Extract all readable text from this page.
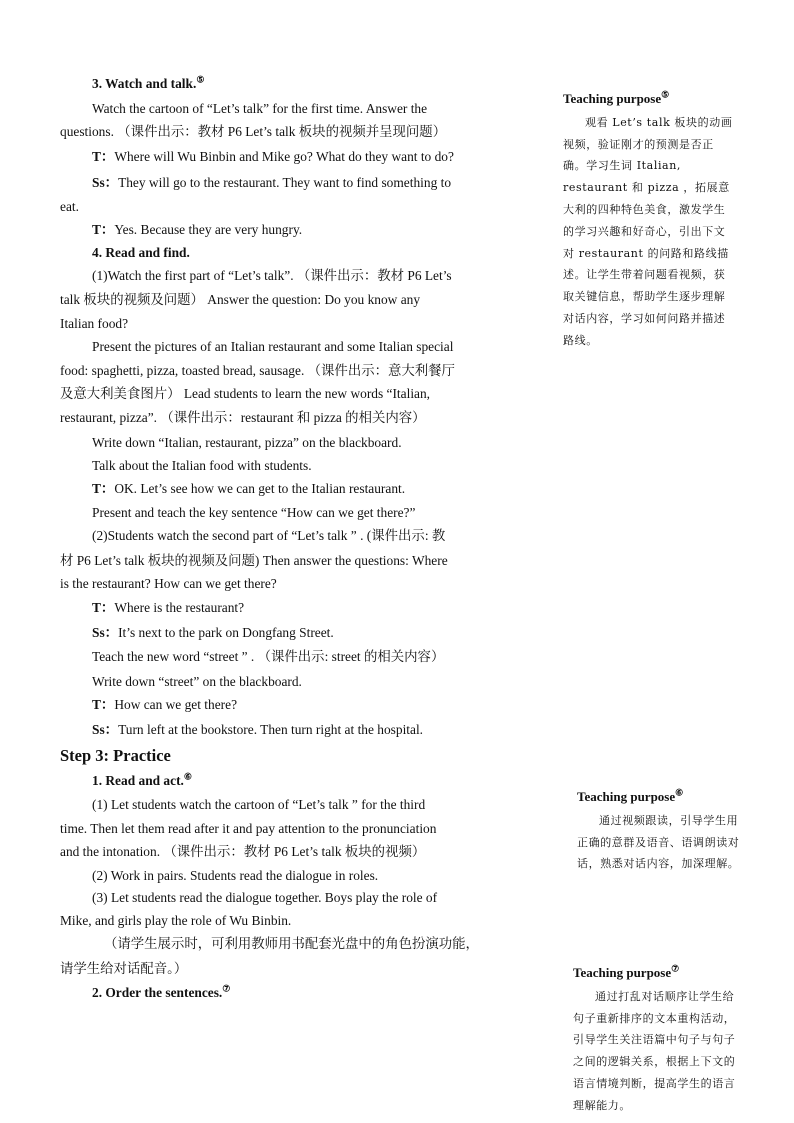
3. Watch and talk.⑤
Watch the cartoon of “Let’s talk” for the first time. Answer the
questions. （课件出示：教材 P6 Let’s talk 板块的视频并呈现问题）
T：Where will Wu Binbin and Mike go? What do they want to do?
Ss：They will go to the restaurant. They want to find something to
eat.
T：Yes. Because they are very hungry.
4. Read and find.
(1)Watch the first part of “Let’s talk”. （课件出示：教材 P6 Let’s
talk 板块的视频及问题） Answer the question: Do you know any
Italian food?
Present the pictures of an Italian restaurant and some Italian special
food: spaghetti, pizza, toasted bread, sausage. （课件出示：意大利餐厅
及意大利美食图片） Lead students to learn the new words “Italian,
restaurant, pizza”. （课件出示：restaurant 和 pizza 的相关内容）
Write down “Italian, restaurant, pizza” on the blackboard.
Talk about the Italian food with students.
T：OK. Let’s see how we can get to the Italian restaurant.
Present and teach the key sentence “How can we get there?”
(2)Students watch the second part of “Let’s talk ” . (课件出示: 教
材 P6 Let’s talk 板块的视频及问题) Then answer the questions: Where
is the restaurant? How can we get there?
T：Where is the restaurant?
Ss：It’s next to the park on Dongfang Street.
Teach the new word “street ” . （课件出示: street 的相关内容）
Write down “street” on the blackboard.
T：How can we get there?
Ss：Turn left at the bookstore. Then turn right at the hospital.
Step 3: Practice
1. Read and act.⑥
(1) Let students watch the cartoon of “Let’s talk ” for the third
time. Then let them read after it and pay attention to the pronunciation
and the intonation. （课件出示：教材 P6 Let’s talk 板块的视频）
(2) Work in pairs. Students read the dialogue in roles.
(3) Let students read the dialogue together. Boys play the role of
Mike, and girls play the role of Wu Binbin.
（请学生展示时，可利用教师用书配套光盘中的角色扮演功能，
请学生给对话配音。）
2. Order the sentences.⑦
Teaching purpose⑤
观看 Let’s talk 板块的动画视频，验证刚才的预测是否正确。学习生词 Italian, restaurant 和 pizza ，拓展意大利的四种特色美食，激发学生的学习兴趣和好奇心，引出下文对 restaurant 的问路和路线描述。让学生带着问题看视频，获取关键信息，帮助学生逐步理解对话内容，学习如何问路并描述路线。
Teaching purpose⑥
通过视频跟读，引导学生用正确的意群及语音、语调朗读对话，熟悉对话内容，加深理解。
Teaching purpose⑦
通过打乱对话顺序让学生给句子重新排序的文本重构活动，引导学生关注语篇中句子与句子之间的逻辑关系，根据上下文的语言情境判断，提高学生的语言理解能力。
